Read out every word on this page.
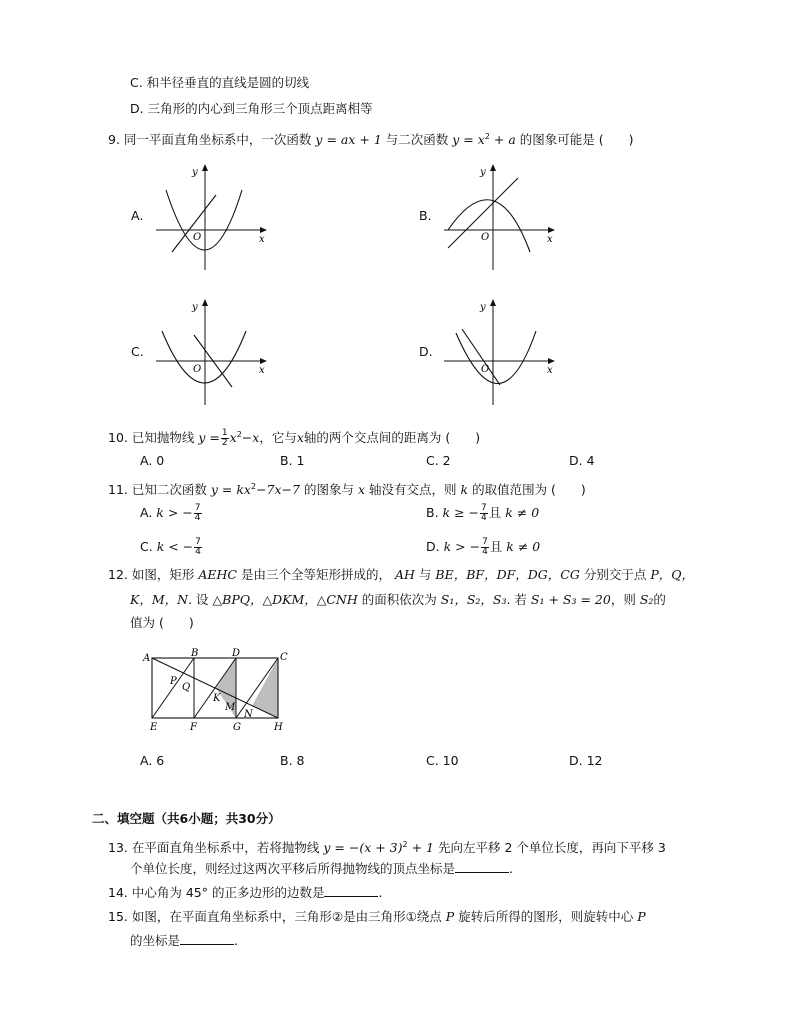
C. 和半径垂直的直线是圆的切线
D. 三角形的内心到三角形三个顶点距离相等
9. 同一平面直角坐标系中，一次函数 y = ax + 1 与二次函数 $y = x^2 + a$ 的图象可能是 (　　)
A.
x
y
O
B.
x
y
O
C.
x
y
O
D.
x
y
O
10. 已知抛物线 $y = \frac{1}{2} x^2-x$，它与x轴的两个交点间的距离为 (　　)
A. 0	B. 1	C. 2	D. 4
11. 已知二次函数 $y = kx^2-7x-7$ 的图象与 x 轴没有交点，则 k 的取值范围为 (　　)
A. k > − $\frac{7}{4}$	B. k ≥ − $\frac{7}{4}$ 且 k ≠ 0
C. k < − $\frac{7}{4}$	D. k > − $\frac{7}{4}$ 且 k ≠ 0
12. 如图，矩形 AEHC 是由三个全等矩形拼成的， AH 与 BE，BF，DF，DG，CG 分别交于点 P，Q，
K，M，N. 设 △BPQ，△DKM，△CNH 的面积依次为 S₁，S₂，S₃. 若 S₁ + S₃ = 20，则 S₂的
值为 (　　)
A	B	D	C
E	F	G	H
P
Q
K
M
N
A. 6	B. 8	C. 10	D. 12
二、填空题（共6小题；共30分）
13. 在平面直角坐标系中，若将抛物线 $y = -(x + 3)^2 + 1$ 先向左平移 2 个单位长度，再向下平移 3
个单位长度，则经过这两次平移后所得抛物线的顶点坐标是	.
14. 中心角为 45° 的正多边形的边数是	.
15. 如图，在平面直角坐标系中，三角形②是由三角形①绕点 P 旋转后所得的图形，则旋转中心 P
的坐标是	.
